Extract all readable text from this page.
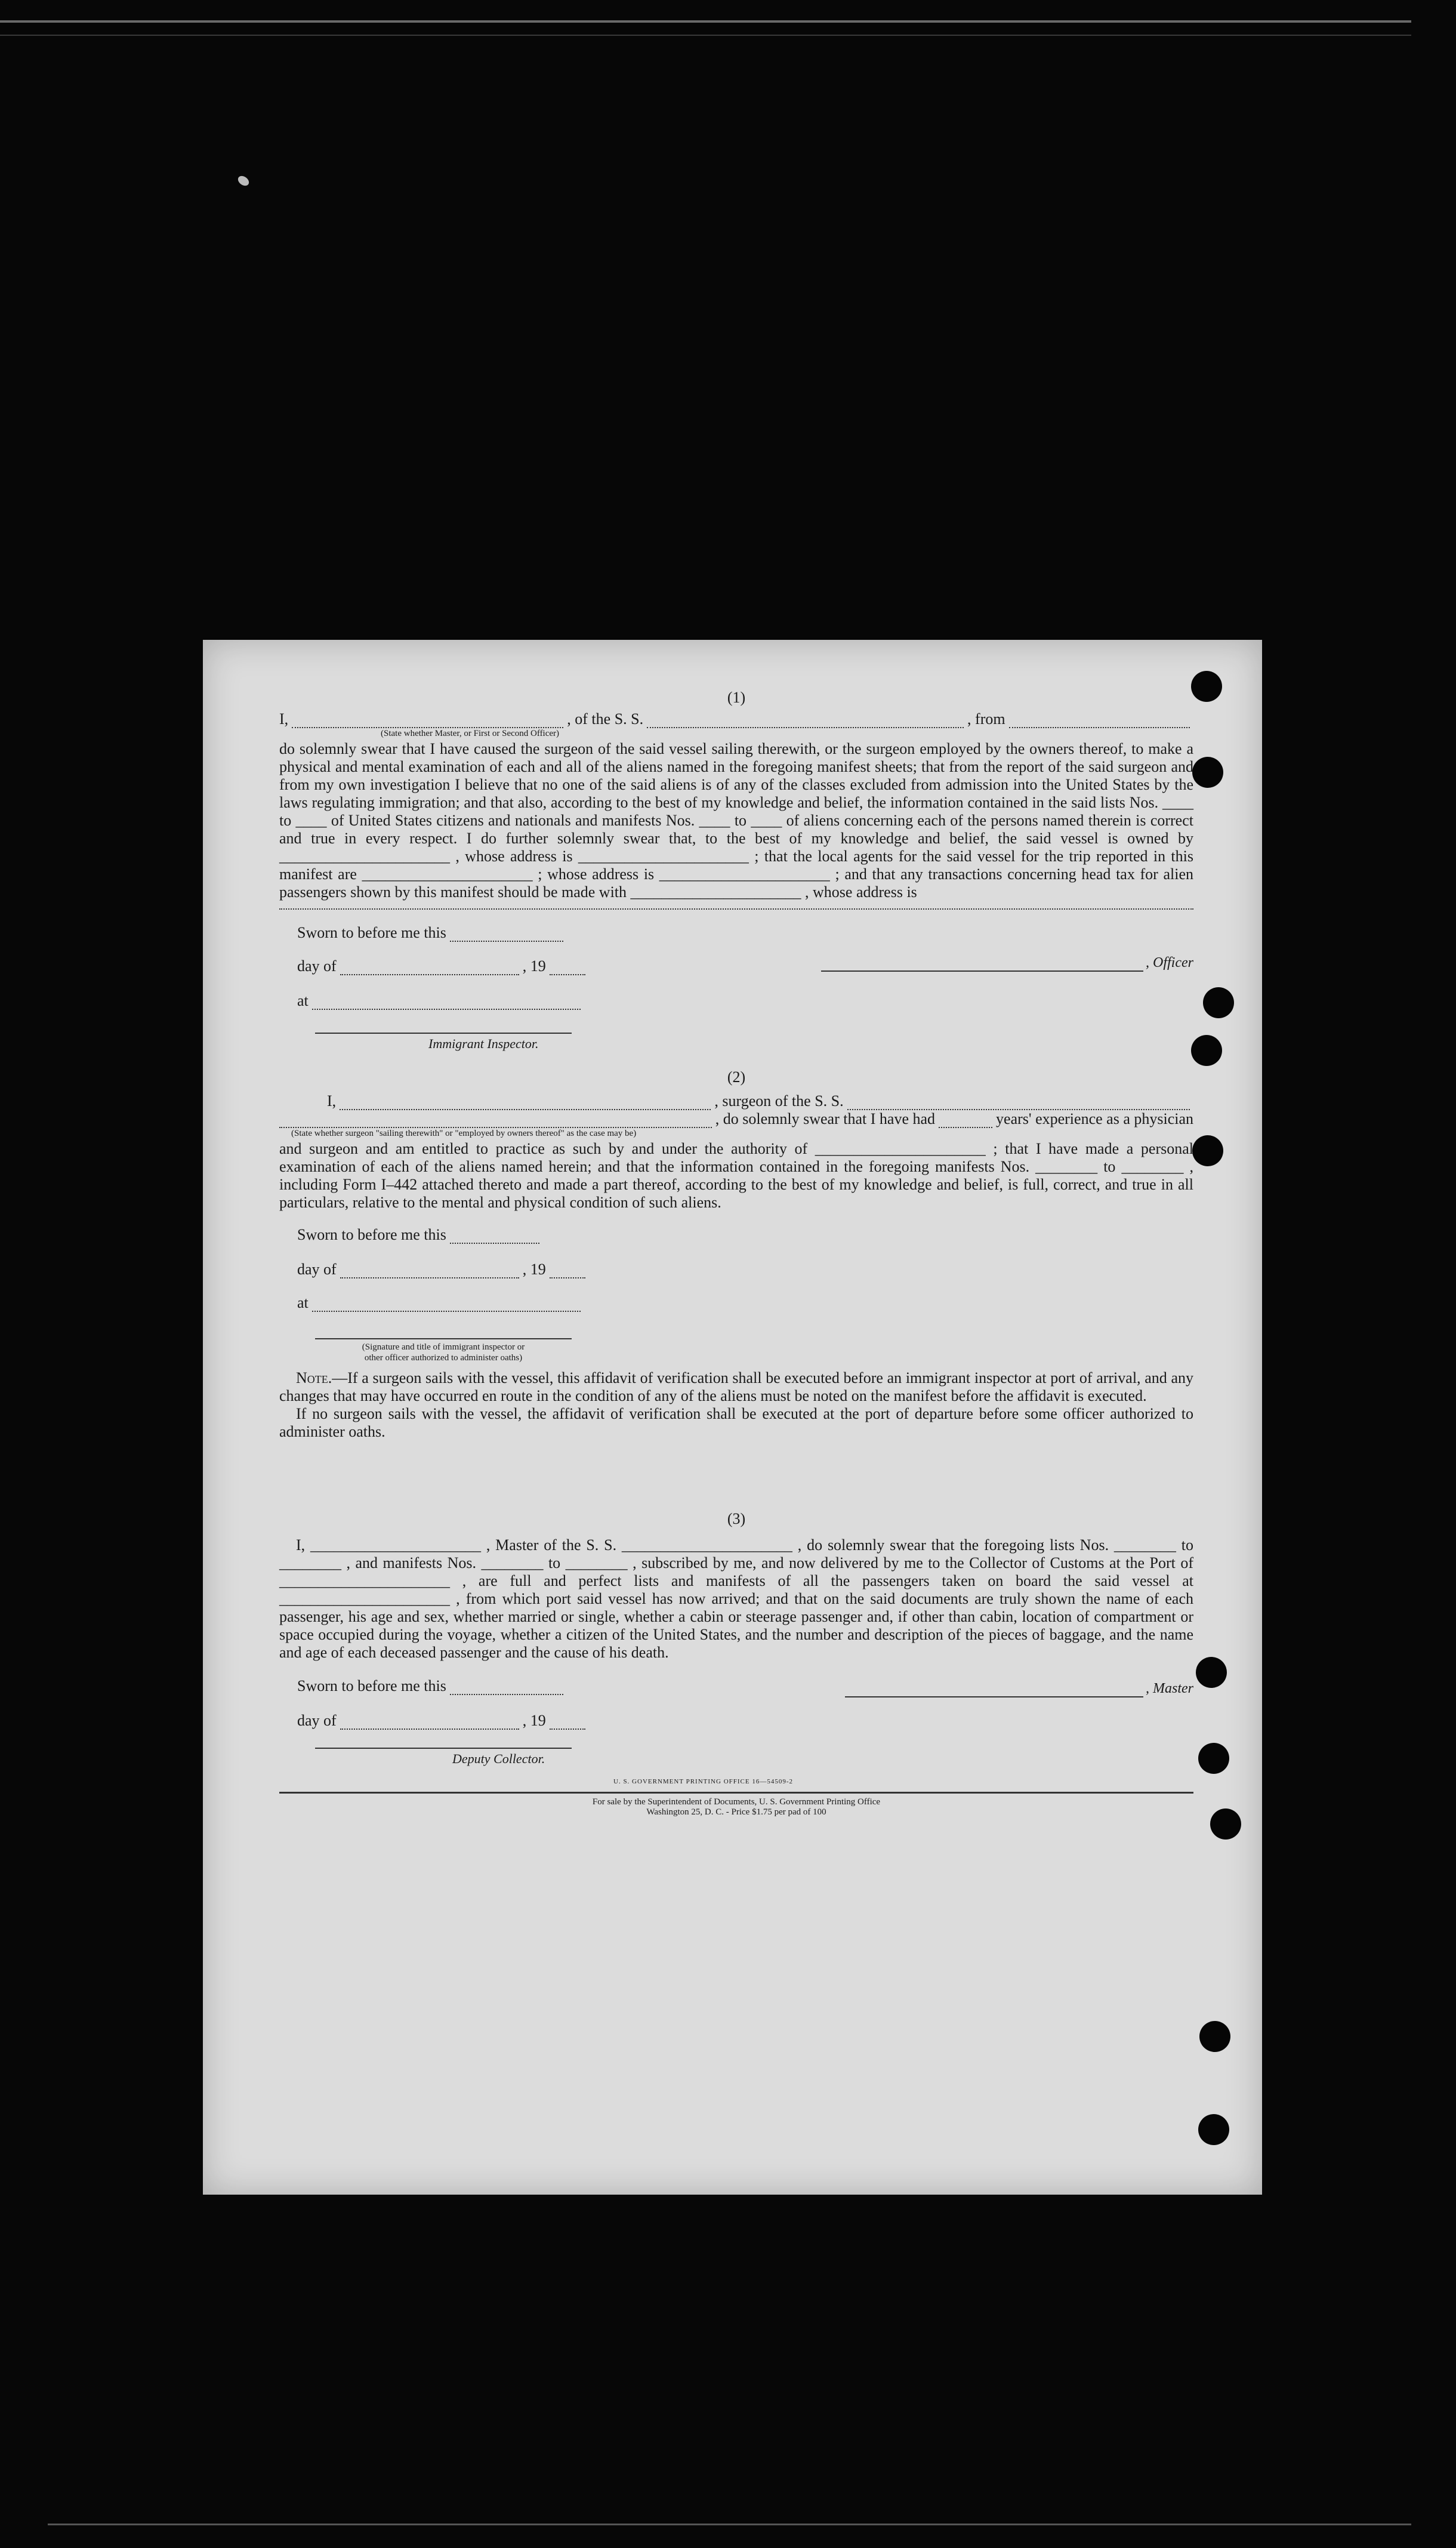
(1)
I,	, of the S. S.	, from
(State whether Master, or First or Second Officer)

do solemnly swear that I have caused the surgeon of the said vessel sailing therewith, or the surgeon employed by the owners thereof, to make a physical and mental examination of each and all of the aliens named in the foregoing manifest sheets; that from the report of the said surgeon and from my own investigation I believe that no one of the said aliens is of any of the classes excluded from admission into the United States by the laws regulating immigration; and that also, according to the best of my knowledge and belief, the information contained in the said lists Nos. ____ to ____ of United States citizens and nationals and manifests Nos. ____ to ____ of aliens concerning each of the persons named therein is correct and true in every respect. I do further solemnly swear that, to the best of my knowledge and belief, the said vessel is owned by ______________________ , whose address is ______________________ ; that the local agents for the said vessel for the trip reported in this manifest are ______________________ ; whose address is ______________________ ; and that any transactions concerning head tax for alien passengers shown by this manifest should be made with ______________________ , whose address is

Sworn to before me this
day of	, 19
at
Immigrant Inspector.
, Officer
(2)
I,	, surgeon of the S. S.
, do solemnly swear that I have had	years' experience as a physician
(State whether surgeon "sailing therewith" or "employed by owners thereof" as the case may be)

and surgeon and am entitled to practice as such by and under the authority of ______________________ ; that I have made a personal examination of each of the aliens named herein; and that the information contained in the foregoing manifests Nos. ________ to ________ , including Form I–442 attached thereto and made a part thereof, according to the best of my knowledge and belief, is full, correct, and true in all particulars, relative to the mental and physical condition of such aliens.

Sworn to before me this
day of	, 19
at
(Signature and title of immigrant inspector or
other officer authorized to administer oaths)

Note.—If a surgeon sails with the vessel, this affidavit of verification shall be executed before an immigrant inspector at port of arrival, and any changes that may have occurred en route in the condition of any of the aliens must be noted on the manifest before the affidavit is executed.

If no surgeon sails with the vessel, the affidavit of verification shall be executed at the port of departure before some officer authorized to administer oaths.

(3)

I, ______________________ , Master of the S. S. ______________________ , do solemnly swear that the foregoing lists Nos. ________ to ________ , and manifests Nos. ________ to ________ , subscribed by me, and now delivered by me to the Collector of Customs at the Port of ______________________ , are full and perfect lists and manifests of all the passengers taken on board the said vessel at ______________________ , from which port said vessel has now arrived; and that on the said documents are truly shown the name of each passenger, his age and sex, whether married or single, whether a cabin or steerage passenger and, if other than cabin, location of compartment or space occupied during the voyage, whether a citizen of the United States, and the number and description of the pieces of baggage, and the name and age of each deceased passenger and the cause of his death.

Sworn to before me this
day of	, 19
Deputy Collector.
, Master
U. S. GOVERNMENT PRINTING OFFICE 16—54509-2
For sale by the Superintendent of Documents, U. S. Government Printing Office
Washington 25, D. C. - Price $1.75 per pad of 100
